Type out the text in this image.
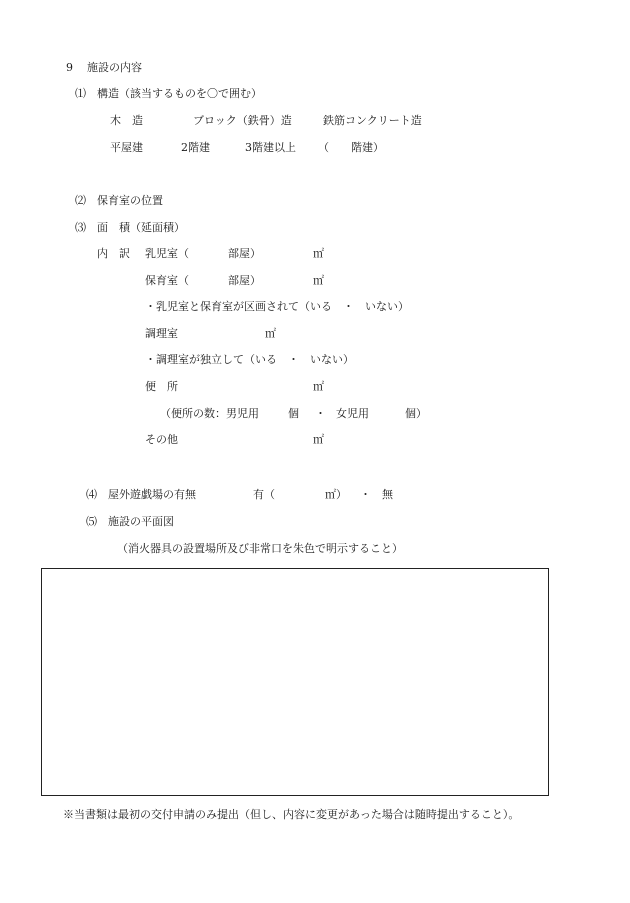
9 施設の内容
⑴　構造（該当するものを〇で囲む）
木　造	ブロック（鉄骨）造	鉄筋コンクリート造
平屋建	2階建	3階建以上 （　　階建）
⑵　保育室の位置
⑶　面　積（延面積）
内　訳 乳児室（	部屋）	㎡
保育室（	部屋）	㎡
・乳児室と保育室が区画されて（いる　・　いない）
調理室	㎡
・調理室が独立して（いる　・　いない）
便　所	㎡
（便所の数：男児用	個 ・ 女児用	個）
その他	㎡
⑷　屋外遊戯場の有無	有（	㎡） ・ 無
⑸　施設の平面図
（消火器具の設置場所及び非常口を朱色で明示すること）
※当書類は最初の交付申請のみ提出（但し、内容に変更があった場合は随時提出すること）。
